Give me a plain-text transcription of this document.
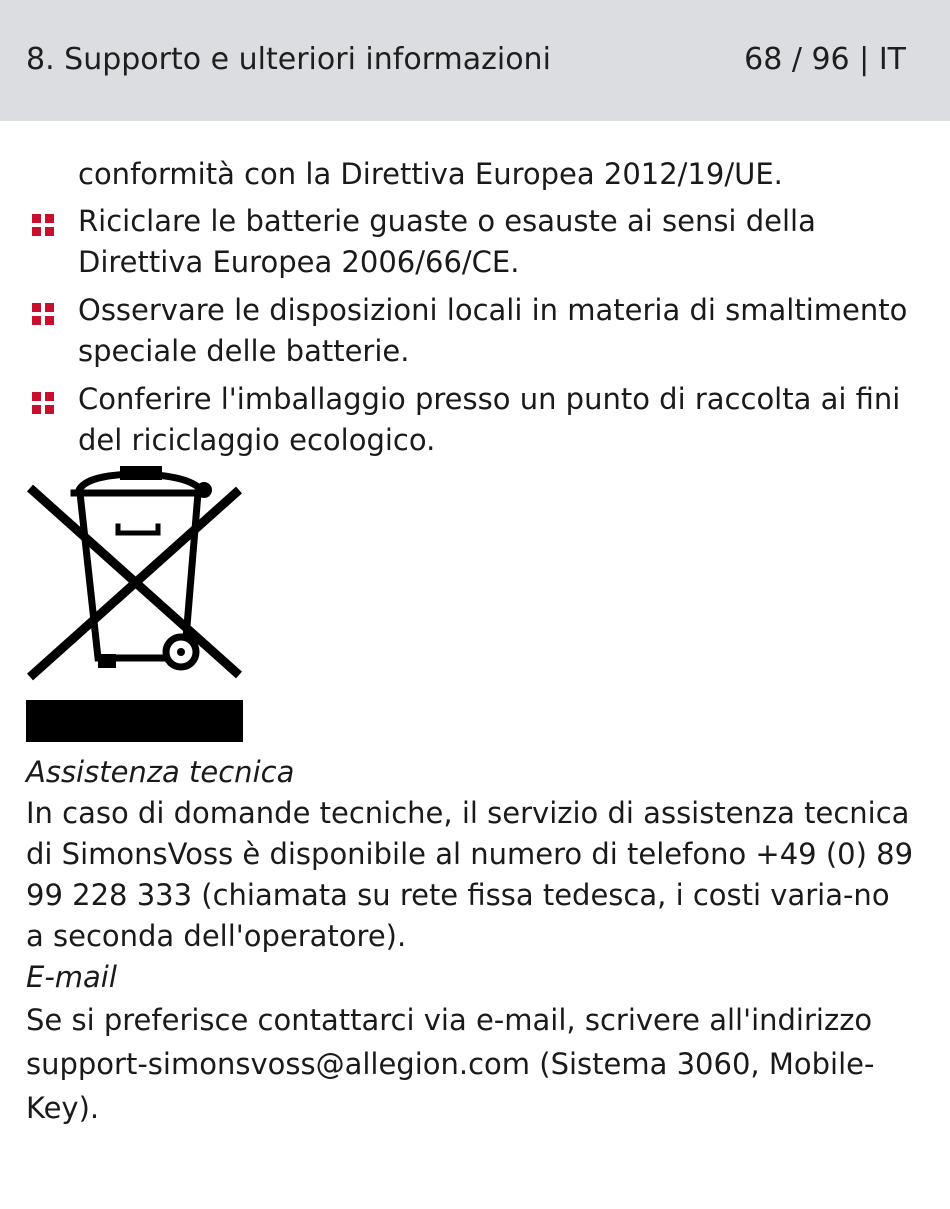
8. Supporto e ulteriori informazioni	68 / 96 | IT

conformità con la Direttiva Europea 2012/19/UE.

Riciclare le batterie guaste o esauste ai sensi della Direttiva Europea 2006/66/CE.
Osservare le disposizioni locali in materia di smaltimento speciale delle batterie.
Conferire l'imballaggio presso un punto di raccolta ai fini del riciclaggio ecologico.

Assistenza tecnica

In caso di domande tecniche, il servizio di assistenza tecnica di SimonsVoss è disponibile al numero di telefono +49 (0) 89 99 228 333 (chiamata su rete fissa tedesca, i costi varia-no a seconda dell'operatore).

E-mail

Se si preferisce contattarci via e-mail, scrivere all'indirizzo support-simonsvoss@allegion.com (Sistema 3060, Mobile-Key).
